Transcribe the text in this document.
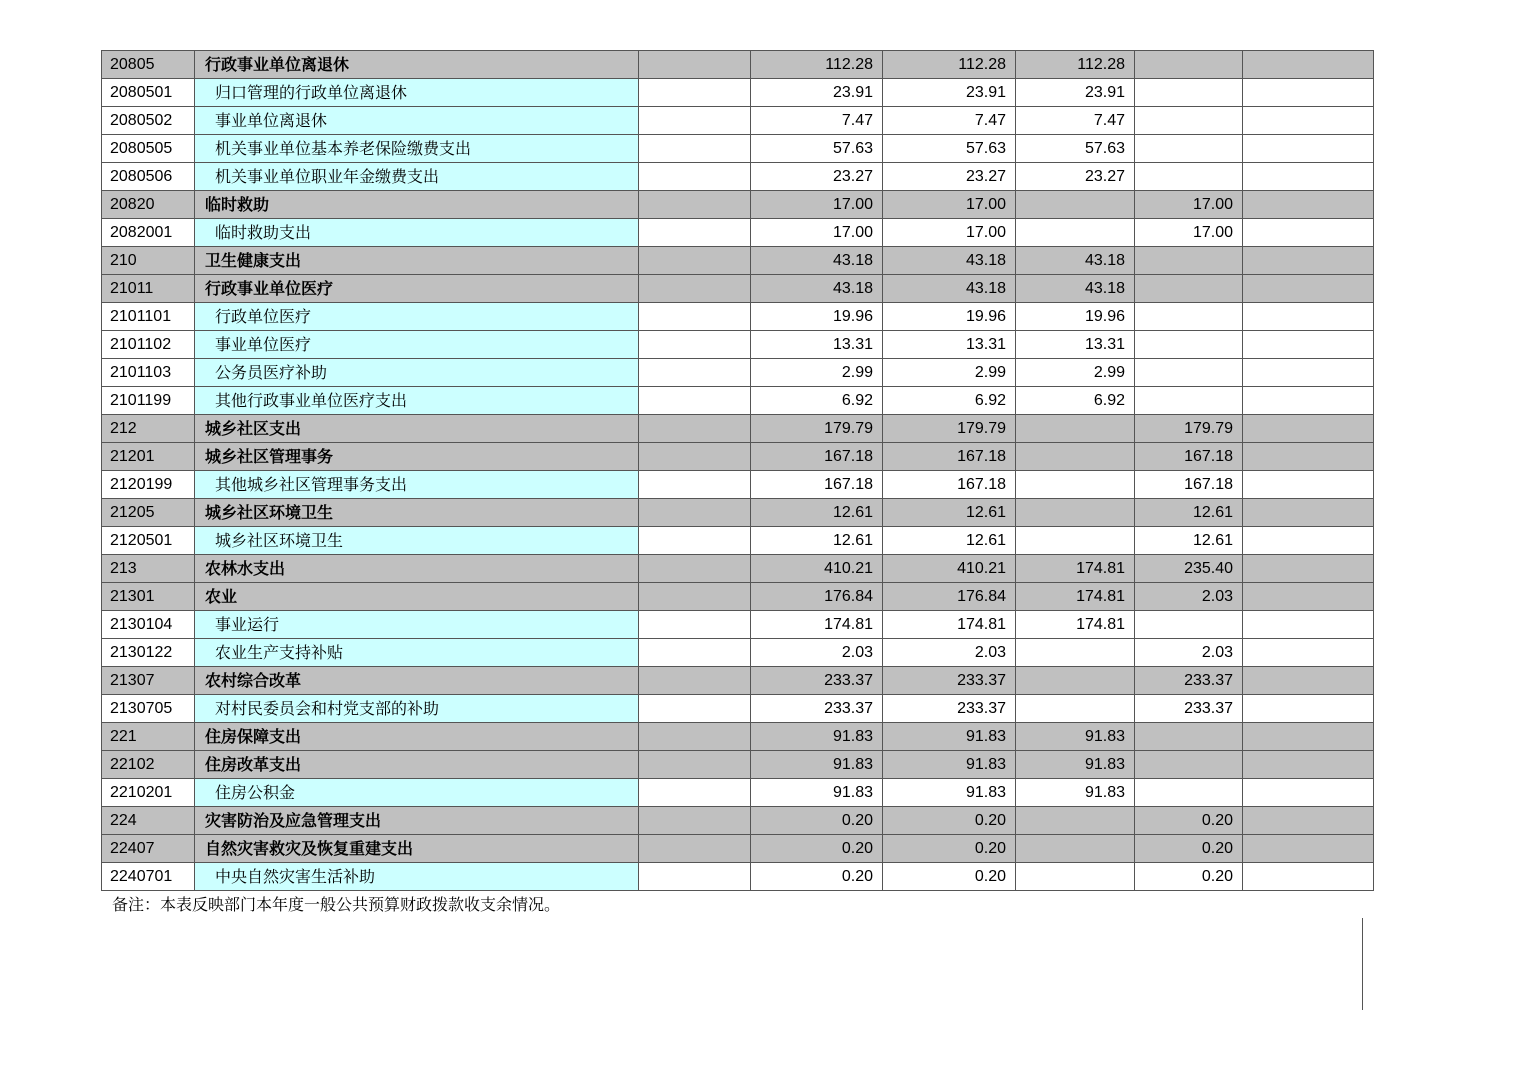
20805	行政事业单位离退休		112.28	112.28	112.28		
2080501	归口管理的行政单位离退休		23.91	23.91	23.91		
2080502	事业单位离退休		7.47	7.47	7.47		
2080505	机关事业单位基本养老保险缴费支出		57.63	57.63	57.63		
2080506	机关事业单位职业年金缴费支出		23.27	23.27	23.27		
20820	临时救助		17.00	17.00		17.00	
2082001	临时救助支出		17.00	17.00		17.00	
210	卫生健康支出		43.18	43.18	43.18		
21011	行政事业单位医疗		43.18	43.18	43.18		
2101101	行政单位医疗		19.96	19.96	19.96		
2101102	事业单位医疗		13.31	13.31	13.31		
2101103	公务员医疗补助		2.99	2.99	2.99		
2101199	其他行政事业单位医疗支出		6.92	6.92	6.92		
212	城乡社区支出		179.79	179.79		179.79	
21201	城乡社区管理事务		167.18	167.18		167.18	
2120199	其他城乡社区管理事务支出		167.18	167.18		167.18	
21205	城乡社区环境卫生		12.61	12.61		12.61	
2120501	城乡社区环境卫生		12.61	12.61		12.61	
213	农林水支出		410.21	410.21	174.81	235.40	
21301	农业		176.84	176.84	174.81	2.03	
2130104	事业运行		174.81	174.81	174.81		
2130122	农业生产支持补贴		2.03	2.03		2.03	
21307	农村综合改革		233.37	233.37		233.37	
2130705	对村民委员会和村党支部的补助		233.37	233.37		233.37	
221	住房保障支出		91.83	91.83	91.83		
22102	住房改革支出		91.83	91.83	91.83		
2210201	住房公积金		91.83	91.83	91.83		
224	灾害防治及应急管理支出		0.20	0.20		0.20	
22407	自然灾害救灾及恢复重建支出		0.20	0.20		0.20	
2240701	中央自然灾害生活补助		0.20	0.20		0.20	
备注：本表反映部门本年度一般公共预算财政拨款收支余情况。
